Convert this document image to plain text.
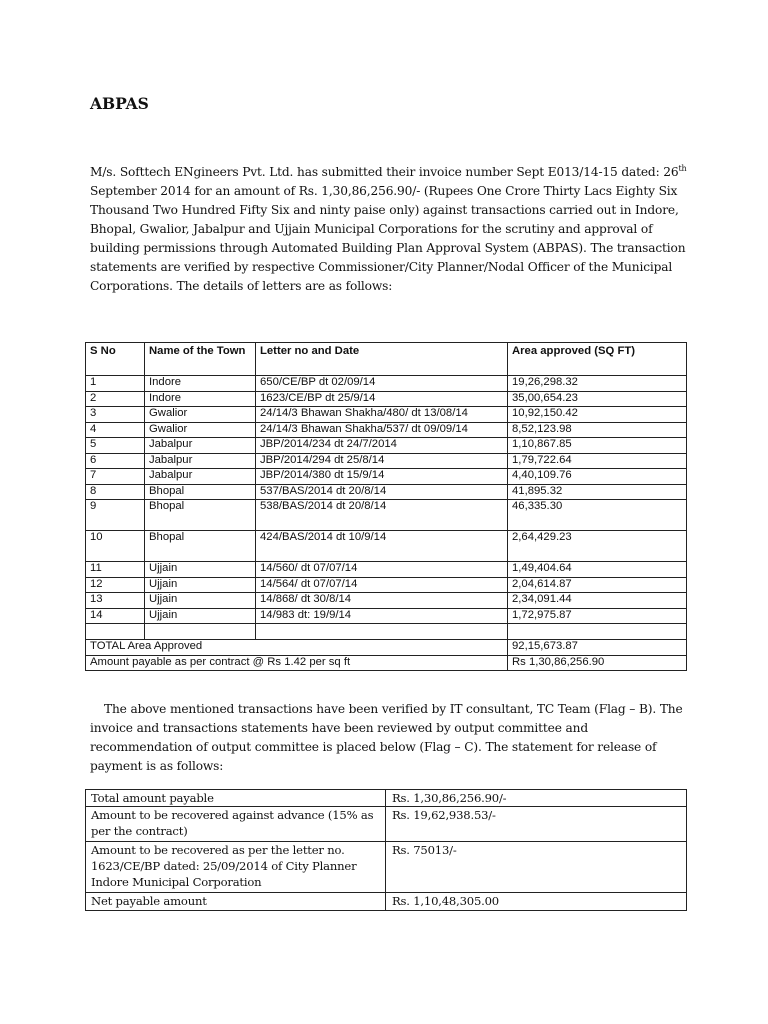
ABPAS
M/s. Softtech ENgineers Pvt. Ltd. has submitted their invoice number Sept E013/14-15 dated: 26th September 2014 for an amount of Rs. 1,30,86,256.90/- (Rupees One Crore Thirty Lacs Eighty Six Thousand Two Hundred Fifty Six and ninty paise only) against transactions carried out in Indore, Bhopal, Gwalior, Jabalpur and Ujjain Municipal Corporations for the scrutiny and approval of building permissions through Automated Building Plan Approval System (ABPAS). The transaction statements are verified by respective Commissioner/City Planner/Nodal Officer of the Municipal Corporations. The details of letters are as follows:
S No	Name of the Town	Letter no and Date	Area approved (SQ FT)
1	Indore	650/CE/BP dt 02/09/14	19,26,298.32
2	Indore	1623/CE/BP dt 25/9/14	35,00,654.23
3	Gwalior	24/14/3 Bhawan Shakha/480/ dt 13/08/14	10,92,150.42
4	Gwalior	24/14/3 Bhawan Shakha/537/ dt 09/09/14	8,52,123.98
5	Jabalpur	JBP/2014/234 dt 24/7/2014	1,10,867.85
6	Jabalpur	JBP/2014/294 dt 25/8/14	1,79,722.64
7	Jabalpur	JBP/2014/380 dt 15/9/14	4,40,109.76
8	Bhopal	537/BAS/2014 dt 20/8/14	41,895.32
9	Bhopal	538/BAS/2014 dt 20/8/14	46,335.30
10	Bhopal	424/BAS/2014 dt 10/9/14	2,64,429.23
11	Ujjain	14/560/ dt 07/07/14	1,49,404.64
12	Ujjain	14/564/ dt 07/07/14	2,04,614.87
13	Ujjain	14/868/ dt 30/8/14	2,34,091.44
14	Ujjain	14/983 dt: 19/9/14	1,72,975.87

TOTAL Area Approved			92,15,673.87
Amount payable as per contract @ Rs 1.42 per sq ft			Rs 1,30,86,256.90
The above mentioned transactions have been verified by IT consultant, TC Team (Flag – B). The invoice and transactions statements have been reviewed by output committee and recommendation of output committee is placed below (Flag – C). The statement for release of payment is as follows:
Total amount payable	Rs. 1,30,86,256.90/-
Amount to be recovered against advance (15% as per the contract)	Rs. 19,62,938.53/-
Amount to be recovered as per the letter no. 1623/CE/BP dated: 25/09/2014 of City Planner Indore Municipal Corporation	Rs. 75013/-
Net payable amount	Rs. 1,10,48,305.00
